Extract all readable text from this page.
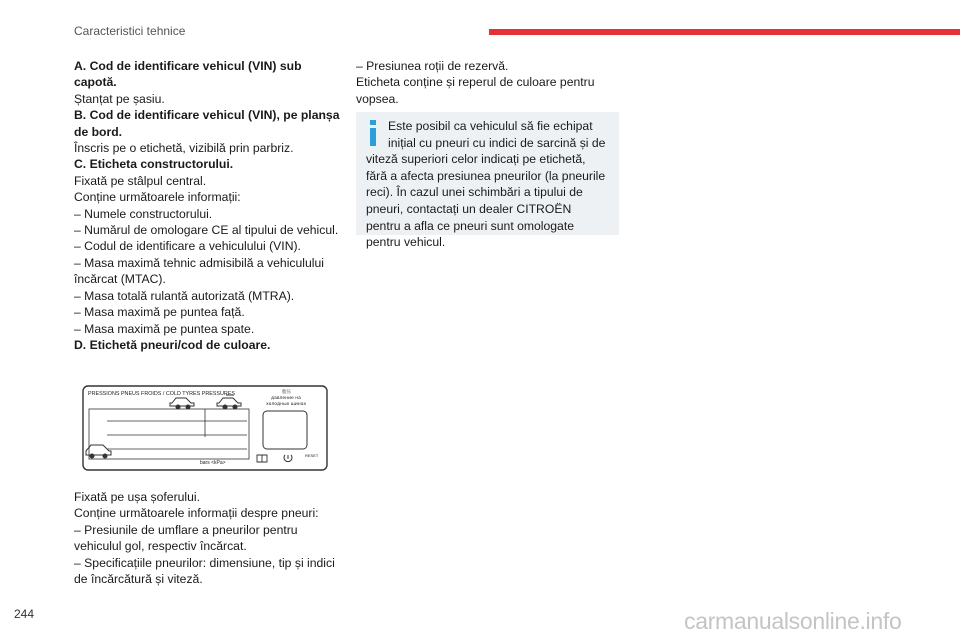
Caracteristici tehnice

A. Cod de identificare vehicul (VIN) sub capotă.

Ștanțat pe șasiu.

B. Cod de identificare vehicul (VIN), pe planșa de bord.

Înscris pe o etichetă, vizibilă prin parbriz.

C. Eticheta constructorului.

Fixată pe stâlpul central.

Conține următoarele informații:

– Numele constructorului.

– Numărul de omologare CE al tipului de vehicul.

– Codul de identificare a vehiculului (VIN).

– Masa maximă tehnic admisibilă a vehiculului încărcat (MTAC).

– Masa totală rulantă autorizată (MTRA).

– Masa maximă pe puntea față.

– Masa maximă pe puntea spate.

D. Etichetă pneuri/cod de culoare.

PRESSIONS PNEUS FROIDS / COLD TYRES PRESSURES	胎压
давление на
холодных шинах
bars <kPa>
RESET

Fixată pe ușa șoferului.

Conține următoarele informații despre pneuri:

– Presiunile de umflare a pneurilor pentru vehiculul gol, respectiv încărcat.

– Specificațiile pneurilor: dimensiune, tip și indici de încărcătură și viteză.

– Presiunea roții de rezervă.

Eticheta conține și reperul de culoare pentru vopsea.

Este posibil ca vehiculul să fie echipat inițial cu pneuri cu indici de sarcină și de viteză superiori celor indicați pe etichetă, fără a afecta presiunea pneurilor (la pneurile reci). În cazul unei schimbări a tipului de pneuri, contactați un dealer CITROËN pentru a afla ce pneuri sunt omologate pentru vehicul.
244	carmanualsonline.info
